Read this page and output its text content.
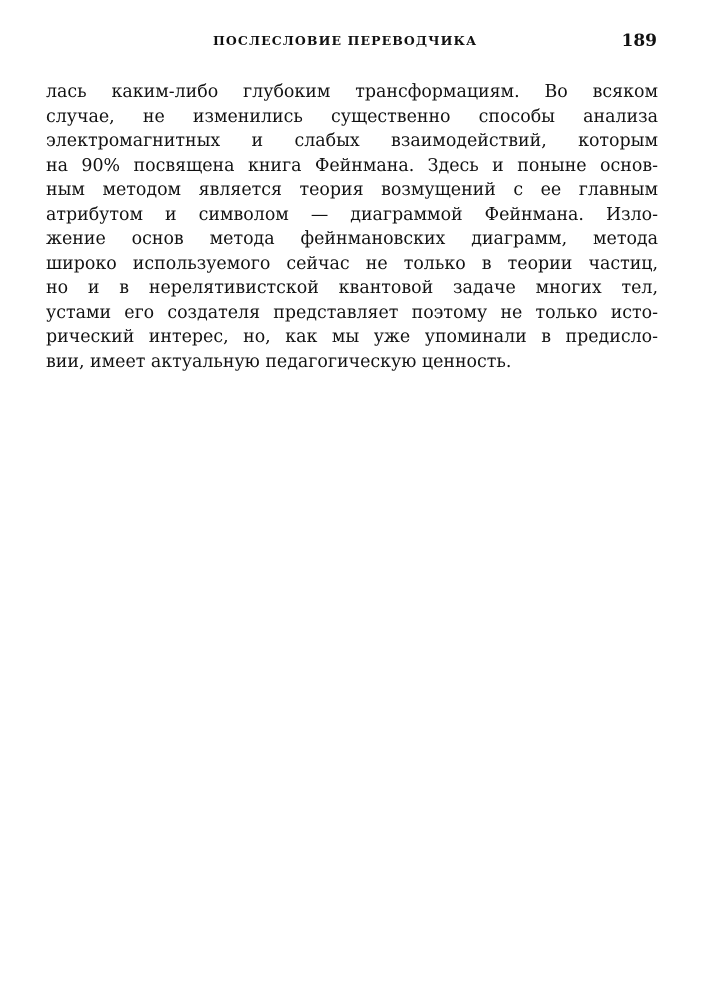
ПОСЛЕСЛОВИЕ ПЕРЕВОДЧИКА	189
лась каким-либо глубоким трансформациям. Во всяком
случае, не изменились существенно способы анализа
электромагнитных и слабых взаимодействий, которым
на 90% посвящена книга Фейнмана. Здесь и поныне основ-
ным методом является теория возмущений с ее главным
атрибутом и символом — диаграммой Фейнмана. Изло-
жение основ метода фейнмановских диаграмм, метода
широко используемого сейчас не только в теории частиц,
но и в нерелятивистской квантовой задаче многих тел,
устами его создателя представляет поэтому не только исто-
рический интерес, но, как мы уже упоминали в предисло-
вии, имеет актуальную педагогическую ценность.
